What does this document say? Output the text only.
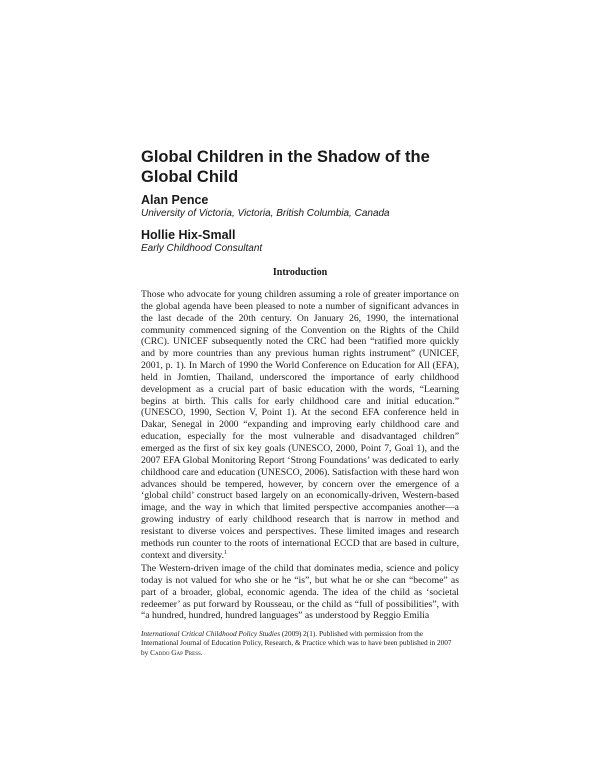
Global Children in the Shadow of the Global Child

Alan Pence

University of Victoria, Victoria, British Columbia, Canada

Hollie Hix-Small

Early Childhood Consultant

Introduction

Those who advocate for young children assuming a role of greater importance on the global agenda have been pleased to note a number of significant advances in the last decade of the 20th century. On January 26, 1990, the international community commenced signing of the Convention on the Rights of the Child (CRC). UNICEF subsequently noted the CRC had been “ratified more quickly and by more countries than any previous human rights instrument” (UNICEF, 2001, p. 1). In March of 1990 the World Conference on Education for All (EFA), held in Jomtien, Thailand, underscored the importance of early childhood development as a crucial part of basic education with the words, “Learning begins at birth. This calls for early childhood care and initial education.” (UNESCO, 1990, Section V, Point 1). At the second EFA conference held in Dakar, Senegal in 2000 “expanding and improving early childhood care and education, especially for the most vulnerable and disadvantaged children” emerged as the first of six key goals (UNESCO, 2000, Point 7, Goal 1), and the 2007 EFA Global Monitoring Report ‘Strong Foundations’ was dedicated to early childhood care and education (UNESCO, 2006). Satisfaction with these hard won advances should be tempered, however, by concern over the emergence of a ‘global child’ construct based largely on an economically-driven, Western-based image, and the way in which that limited perspective accompanies another—a growing industry of early childhood research that is narrow in method and resistant to diverse voices and perspectives. These limited images and research methods run counter to the roots of international ECCD that are based in culture, context and diversity.$^1$

The Western-driven image of the child that dominates media, science and policy today is not valued for who she or he “is”, but what he or she can “become” as part of a broader, global, economic agenda. The idea of the child as ‘societal redeemer’ as put forward by Rousseau, or the child as “full of possibilities”, with “a hundred, hundred, hundred languages” as understood by Reggio Emilia

International Critical Childhood Policy Studies (2009) 2(1). Published with permission from the International Journal of Education Policy, Research, & Practice which was to have been published in 2007 by Caddo Gap Press.
